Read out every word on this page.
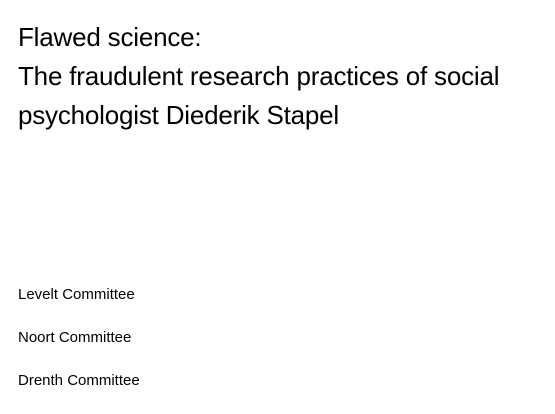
Flawed science:
The fraudulent research practices of social
psychologist Diederik Stapel
Levelt Committee
Noort Committee
Drenth Committee
